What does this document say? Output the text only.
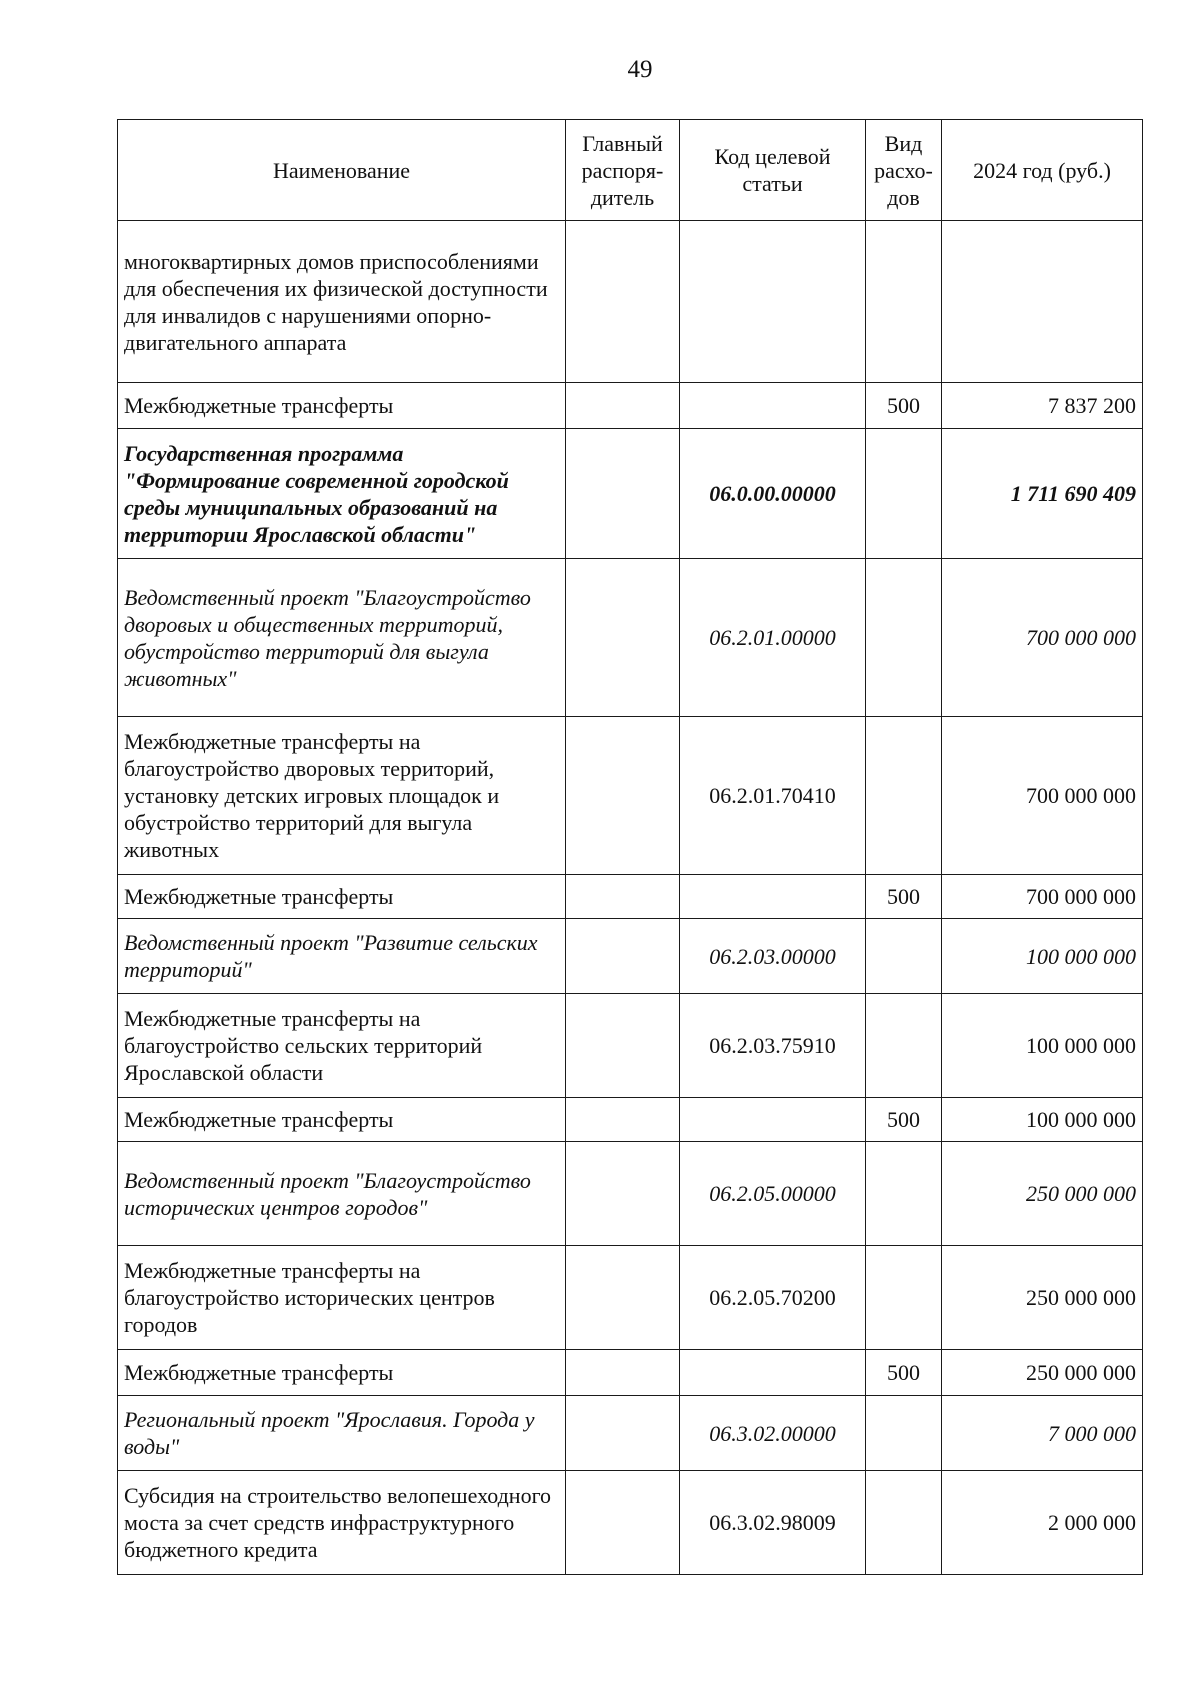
49
Наименование	Главный распоря- дитель	Код целевой статьи	Вид расхо- дов	2024 год (руб.)
многоквартирных домов приспособлениями для обеспечения их физической доступности для инвалидов с нарушениями опорно-двигательного аппарата				
Межбюджетные трансферты			500	7 837 200
Государственная программа "Формирование современной городской среды муниципальных образований на территории Ярославской области"		06.0.00.00000		1 711 690 409
Ведомственный проект "Благоустройство дворовых и общественных территорий, обустройство территорий для выгула животных"		06.2.01.00000		700 000 000
Межбюджетные трансферты на благоустройство дворовых территорий, установку детских игровых площадок и обустройство территорий для выгула животных		06.2.01.70410		700 000 000
Межбюджетные трансферты			500	700 000 000
Ведомственный проект "Развитие сельских территорий"		06.2.03.00000		100 000 000
Межбюджетные трансферты на благоустройство сельских территорий Ярославской области		06.2.03.75910		100 000 000
Межбюджетные трансферты			500	100 000 000
Ведомственный проект "Благоустройство исторических центров городов"		06.2.05.00000		250 000 000
Межбюджетные трансферты на благоустройство исторических центров городов		06.2.05.70200		250 000 000
Межбюджетные трансферты			500	250 000 000
Региональный проект "Ярославия. Города у воды"		06.3.02.00000		7 000 000
Субсидия на строительство велопешеходного моста за счет средств инфраструктурного бюджетного кредита		06.3.02.98009		2 000 000
